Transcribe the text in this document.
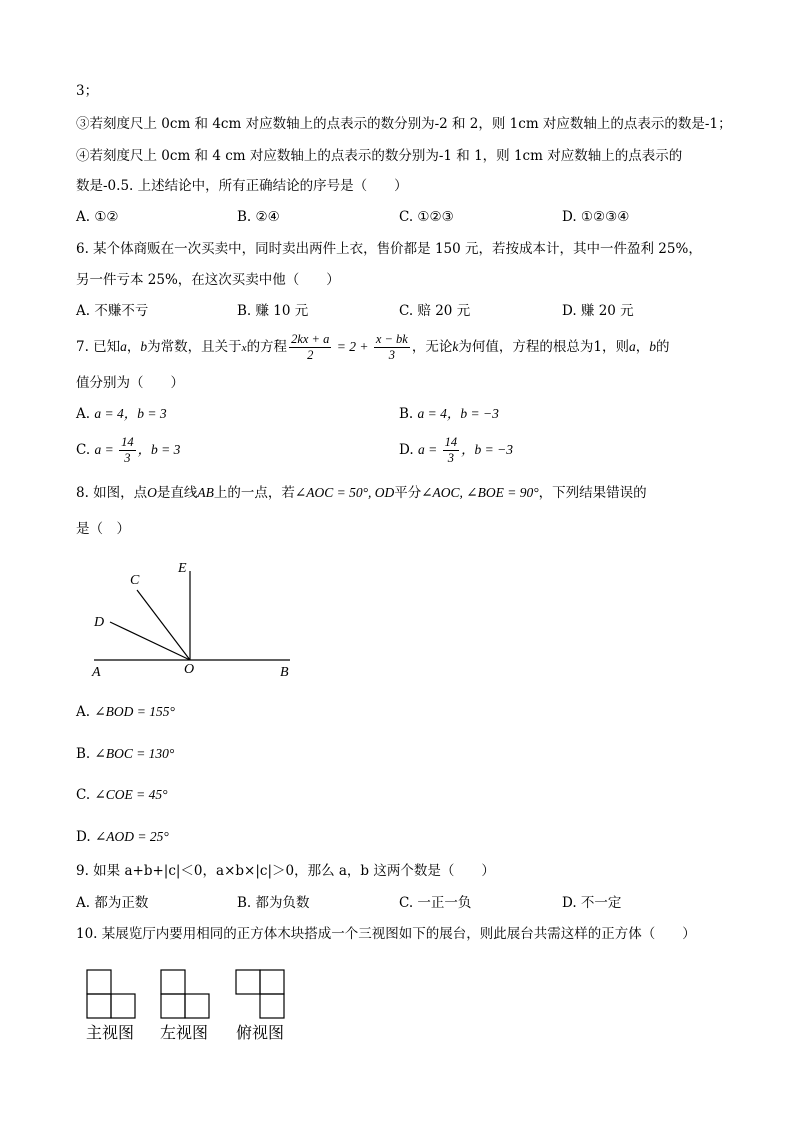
3；
③若刻度尺上 0cm 和 4cm 对应数轴上的点表示的数分别为-2 和 2，则 1cm 对应数轴上的点表示的数是-1；
④若刻度尺上 0cm 和 4 cm 对应数轴上的点表示的数分别为-1 和 1，则 1cm 对应数轴上的点表示的
数是-0.5. 上述结论中，所有正确结论的序号是（　　）
A. ①②	B. ②④	C. ①②③	D. ①②③④
6. 某个体商贩在一次买卖中，同时卖出两件上衣，售价都是 150 元，若按成本计，其中一件盈利 25%，
另一件亏本 25%，在这次买卖中他（　　）
A. 不赚不亏	B. 赚 10 元	C. 赔 20 元	D. 赚 20 元
7. 已知a，b为常数，且关于x的方程 $\frac{2kx + a}{2} = 2 + \frac{x - bk}{3}$ ，无论k为何值，方程的根总为1，则a，b的
值分别为（　　）
A. a = 4，b = 3	B. a = 4，b = −3
C. $a = \frac{14}{3}$ ，b = 3	D. $a = \frac{14}{3}$ ，b = −3
8. 如图，点O是直线AB上的一点，若∠AOC = 50°, OD平分∠AOC, ∠BOE = 90°，下列结果错误的
是（　）
A	B
O
C
D
E
A. ∠BOD = 155°
B. ∠BOC = 130°
C. ∠COE = 45°
D. ∠AOD = 25°
9. 如果 a+b+|c|＜0，a×b×|c|＞0，那么 a，b 这两个数是（　　）
A. 都为正数	B. 都为负数	C. 一正一负	D. 不一定
10. 某展览厅内要用相同的正方体木块搭成一个三视图如下的展台，则此展台共需这样的正方体（　　）
主视图 左视图 俯视图
